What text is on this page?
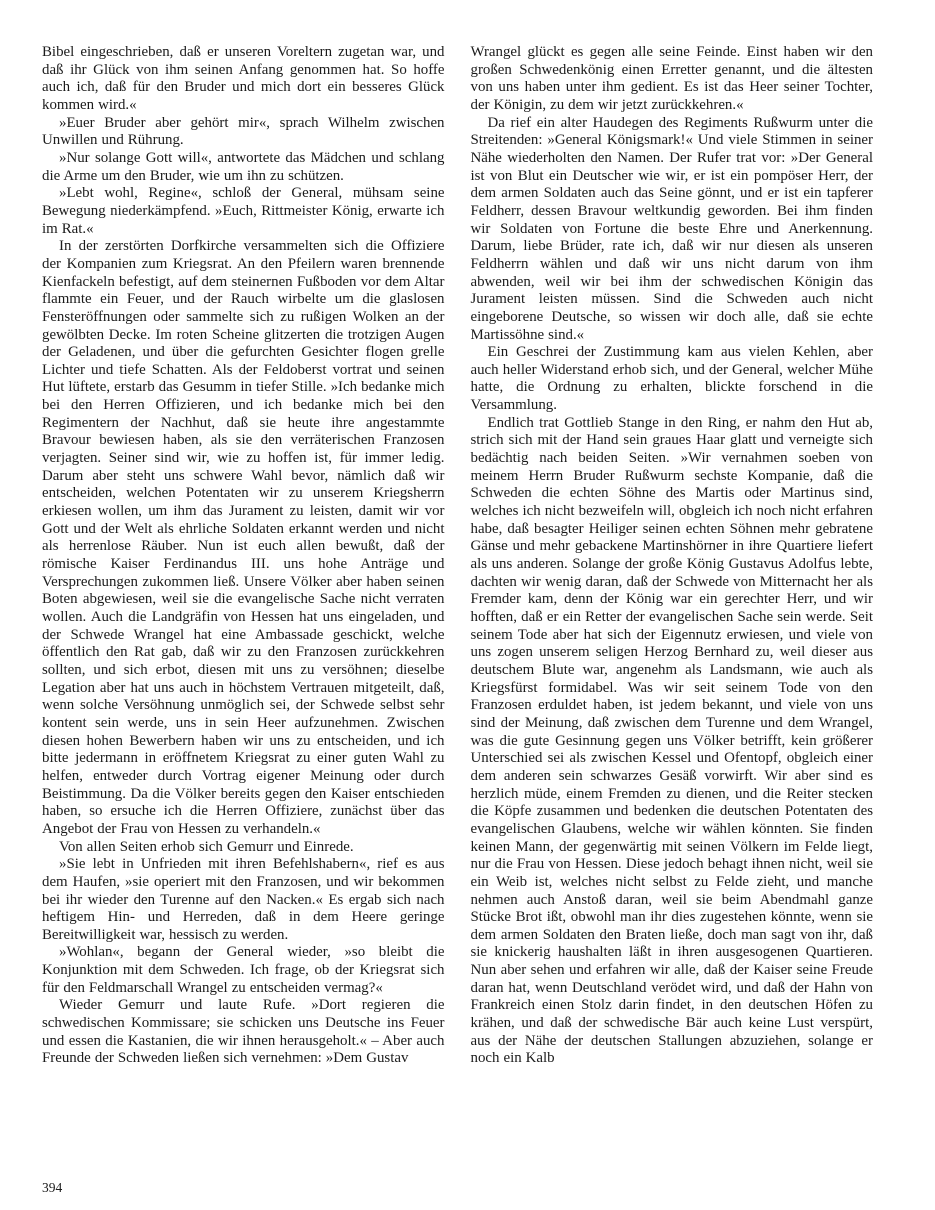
Bibel eingeschrieben, daß er unseren Voreltern zugetan war, und daß ihr Glück von ihm seinen Anfang genommen hat. So hoffe auch ich, daß für den Bruder und mich dort ein besseres Glück kommen wird.«

»Euer Bruder aber gehört mir«, sprach Wilhelm zwischen Unwillen und Rührung.

»Nur solange Gott will«, antwortete das Mädchen und schlang die Arme um den Bruder, wie um ihn zu schützen.

»Lebt wohl, Regine«, schloß der General, mühsam seine Bewegung niederkämpfend. »Euch, Rittmeister König, erwarte ich im Rat.«

In der zerstörten Dorfkirche versammelten sich die Offiziere der Kompanien zum Kriegsrat. An den Pfeilern waren brennende Kienfackeln befestigt, auf dem steinernen Fußboden vor dem Altar flammte ein Feuer, und der Rauch wirbelte um die glaslosen Fensteröffnungen oder sammelte sich zu rußigen Wolken an der gewölbten Decke. Im roten Scheine glitzerten die trotzigen Augen der Geladenen, und über die gefurchten Gesichter flogen grelle Lichter und tiefe Schatten. Als der Feldoberst vortrat und seinen Hut lüftete, erstarb das Gesumm in tiefer Stille. »Ich bedanke mich bei den Herren Offizieren, und ich bedanke mich bei den Regimentern der Nachhut, daß sie heute ihre angestammte Bravour bewiesen haben, als sie den verräterischen Franzosen verjagten. Seiner sind wir, wie zu hoffen ist, für immer ledig. Darum aber steht uns schwere Wahl bevor, nämlich daß wir entscheiden, welchen Potentaten wir zu unserem Kriegsherrn erkiesen wollen, um ihm das Jurament zu leisten, damit wir vor Gott und der Welt als ehrliche Soldaten erkannt werden und nicht als herrenlose Räuber. Nun ist euch allen bewußt, daß der römische Kaiser Ferdinandus III. uns hohe Anträge und Versprechungen zukommen ließ. Unsere Völker aber haben seinen Boten abgewiesen, weil sie die evangelische Sache nicht verraten wollen. Auch die Landgräfin von Hessen hat uns eingeladen, und der Schwede Wrangel hat eine Ambassade geschickt, welche öffentlich den Rat gab, daß wir zu den Franzosen zurückkehren sollten, und sich erbot, diesen mit uns zu versöhnen; dieselbe Legation aber hat uns auch in höchstem Vertrauen mitgeteilt, daß, wenn solche Versöhnung unmöglich sei, der Schwede selbst sehr kontent sein werde, uns in sein Heer aufzunehmen. Zwischen diesen hohen Bewerbern haben wir uns zu entscheiden, und ich bitte jedermann in eröffnetem Kriegsrat zu einer guten Wahl zu helfen, entweder durch Vortrag eigener Meinung oder durch Beistimmung. Da die Völker bereits gegen den Kaiser entschieden haben, so ersuche ich die Herren Offiziere, zunächst über das Angebot der Frau von Hessen zu verhandeln.«

Von allen Seiten erhob sich Gemurr und Einrede.

»Sie lebt in Unfrieden mit ihren Befehlshabern«, rief es aus dem Haufen, »sie operiert mit den Franzosen, und wir bekommen bei ihr wieder den Turenne auf den Nacken.« Es ergab sich nach heftigem Hin- und Herreden, daß in dem Heere geringe Bereitwilligkeit war, hessisch zu werden.

»Wohlan«, begann der General wieder, »so bleibt die Konjunktion mit dem Schweden. Ich frage, ob der Kriegsrat sich für den Feldmarschall Wrangel zu entscheiden vermag?«

Wieder Gemurr und laute Rufe. »Dort regieren die schwedischen Kommissare; sie schicken uns Deutsche ins Feuer und essen die Kastanien, die wir ihnen herausgeholt.« – Aber auch Freunde der Schweden ließen sich vernehmen: »Dem Gustav

Wrangel glückt es gegen alle seine Feinde. Einst haben wir den großen Schwedenkönig einen Erretter genannt, und die ältesten von uns haben unter ihm gedient. Es ist das Heer seiner Tochter, der Königin, zu dem wir jetzt zurückkehren.«

Da rief ein alter Haudegen des Regiments Rußwurm unter die Streitenden: »General Königsmark!« Und viele Stimmen in seiner Nähe wiederholten den Namen. Der Rufer trat vor: »Der General ist von Blut ein Deutscher wie wir, er ist ein pompöser Herr, der dem armen Soldaten auch das Seine gönnt, und er ist ein tapferer Feldherr, dessen Bravour weltkundig geworden. Bei ihm finden wir Soldaten von Fortune die beste Ehre und Anerkennung. Darum, liebe Brüder, rate ich, daß wir nur diesen als unseren Feldherrn wählen und daß wir uns nicht darum von ihm abwenden, weil wir bei ihm der schwedischen Königin das Jurament leisten müssen. Sind die Schweden auch nicht eingeborene Deutsche, so wissen wir doch alle, daß sie echte Martissöhne sind.«

Ein Geschrei der Zustimmung kam aus vielen Kehlen, aber auch heller Widerstand erhob sich, und der General, welcher Mühe hatte, die Ordnung zu erhalten, blickte forschend in die Versammlung.

Endlich trat Gottlieb Stange in den Ring, er nahm den Hut ab, strich sich mit der Hand sein graues Haar glatt und verneigte sich bedächtig nach beiden Seiten. »Wir vernahmen soeben von meinem Herrn Bruder Rußwurm sechste Kompanie, daß die Schweden die echten Söhne des Martis oder Martinus sind, welches ich nicht bezweifeln will, obgleich ich noch nicht erfahren habe, daß besagter Heiliger seinen echten Söhnen mehr gebratene Gänse und mehr gebackene Martinshörner in ihre Quartiere liefert als uns anderen. Solange der große König Gustavus Adolfus lebte, dachten wir wenig daran, daß der Schwede von Mitternacht her als Fremder kam, denn der König war ein gerechter Herr, und wir hofften, daß er ein Retter der evangelischen Sache sein werde. Seit seinem Tode aber hat sich der Eigennutz erwiesen, und viele von uns zogen unserem seligen Herzog Bernhard zu, weil dieser aus deutschem Blute war, angenehm als Landsmann, wie auch als Kriegsfürst formidabel. Was wir seit seinem Tode von den Franzosen erduldet haben, ist jedem bekannt, und viele von uns sind der Meinung, daß zwischen dem Turenne und dem Wrangel, was die gute Gesinnung gegen uns Völker betrifft, kein größerer Unterschied sei als zwischen Kessel und Ofentopf, obgleich einer dem anderen sein schwarzes Gesäß vorwirft. Wir aber sind es herzlich müde, einem Fremden zu dienen, und die Reiter stecken die Köpfe zusammen und bedenken die deutschen Potentaten des evangelischen Glaubens, welche wir wählen könnten. Sie finden keinen Mann, der gegenwärtig mit seinen Völkern im Felde liegt, nur die Frau von Hessen. Diese jedoch behagt ihnen nicht, weil sie ein Weib ist, welches nicht selbst zu Felde zieht, und manche nehmen auch Anstoß daran, weil sie beim Abendmahl ganze Stücke Brot ißt, obwohl man ihr dies zugestehen könnte, wenn sie dem armen Soldaten den Braten ließe, doch man sagt von ihr, daß sie knickerig haushalten läßt in ihren ausgesogenen Quartieren. Nun aber sehen und erfahren wir alle, daß der Kaiser seine Freude daran hat, wenn Deutschland verödet wird, und daß der Hahn von Frankreich einen Stolz darin findet, in den deutschen Höfen zu krähen, und daß der schwedische Bär auch keine Lust verspürt, aus der Nähe der deutschen Stallungen abzuziehen, solange er noch ein Kalb

394
